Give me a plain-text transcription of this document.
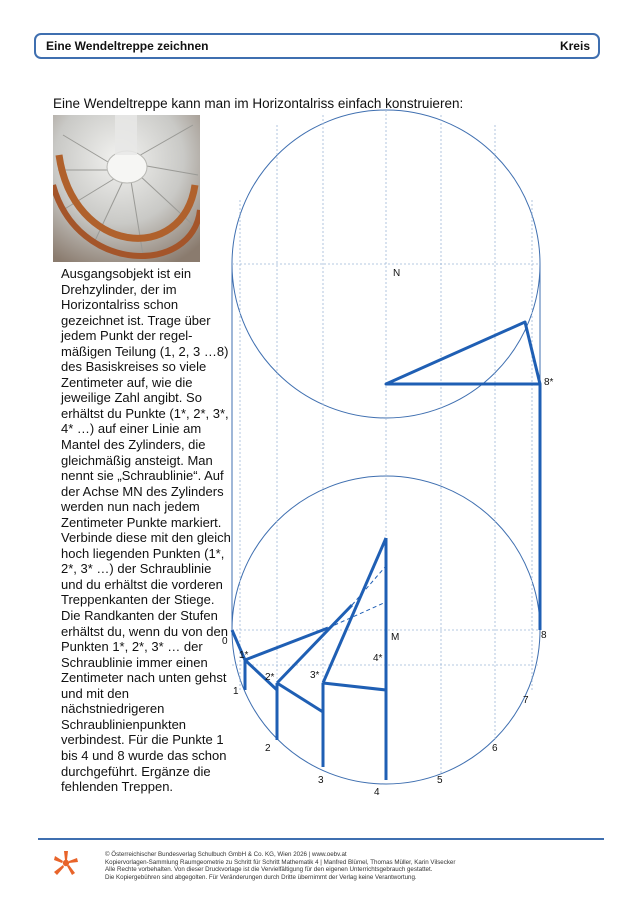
Eine Wendeltreppe zeichnen	Kreis
Eine Wendeltreppe kann man im Horizontalriss einfach konstruieren:

Ausgangsobjekt ist ein Drehzylinder, der im Horizontalriss schon gezeichnet ist. Trage über jedem Punkt der regel-mäßigen Teilung (1, 2, 3 …8) des Basiskreises so viele Zentimeter auf, wie die jeweilige Zahl angibt. So erhältst du Punkte (1*, 2*, 3*, 4* …) auf einer Linie am Mantel des Zylinders, die gleichmäßig ansteigt. Man nennt sie „Schraublinie“. Auf der Achse MN des Zylinders werden nun nach jedem Zentimeter Punkte markiert. Verbinde diese mit den gleich hoch liegenden Punkten (1*, 2*, 3* …) der Schraublinie und du erhältst die vorderen Treppenkanten der Stiege. Die Randkanten der Stufen erhältst du, wenn du von den Punkten 1*, 2*, 3* … der Schraublinie immer einen Zentimeter nach unten gehst und mit den nächstniedrigeren Schraublinienpunkten verbindest. Für die Punkte 1 bis 4 und 8 wurde das schon durchgeführt. Ergänze die fehlenden Treppen.

N
M
0
1
2
3
4
5
6
7
8
1*
2*	3*
4*
8*
© Österreichischer Bundesverlag Schulbuch GmbH & Co. KG, Wien 2026 | www.oebv.at
Kopiervorlagen-Sammlung Raumgeometrie zu Schritt für Schritt Mathematik 4 | Manfred Blümel, Thomas Müller, Karin Vilsecker
Alle Rechte vorbehalten. Von dieser Druckvorlage ist die Vervielfältigung für den eigenen Unterrichtsgebrauch gestattet.
Die Kopiergebühren sind abgegolten. Für Veränderungen durch Dritte übernimmt der Verlag keine Verantwortung.
